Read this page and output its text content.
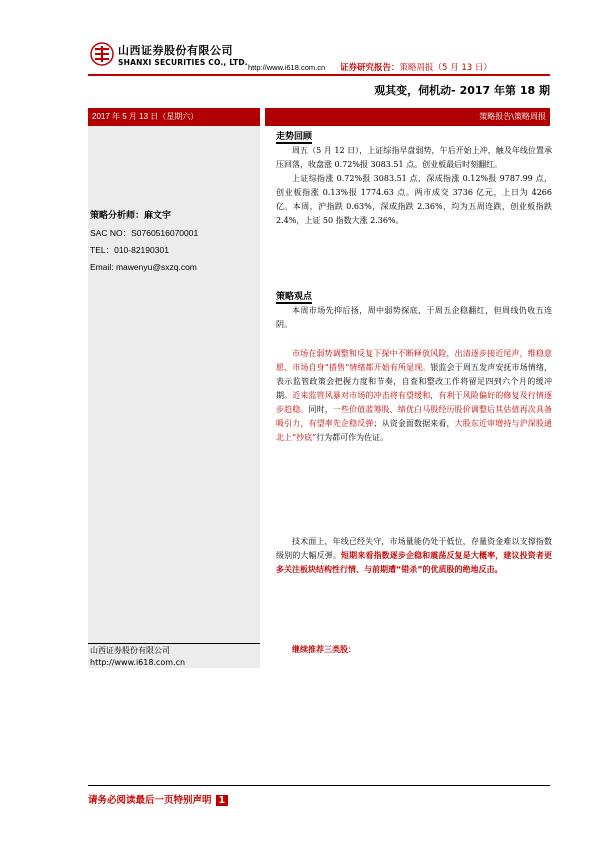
山西证券股份有限公司
SHANXI SECURITIES CO., LTD.
http://www.i618.com.cn 证券研究报告：策略周报（5 月 13 日）
观其变，伺机动- 2017 年第 18 期
2017 年 5 月 13 日（星期六）	策略报告\策略周报
策略分析师：麻文宇
SAC NO：S0760516070001
TEL：010-82190301
Email: mawenyu@sxzq.com
山西证券股份有限公司
http://www.i618.com.cn
走势回顾

周五（5 月 12 日），上证综指早盘弱势，午后开始上冲，触及年线位置承压回落，收盘涨 0.72%报 3083.51 点。创业板最后时刻翻红。

上证综指涨 0.72%报 3083.51 点，深成指涨 0.12%报 9787.99 点，创业板指涨 0.13%报 1774.63 点。两市成交 3736 亿元，上日为 4266 亿。本周，沪指跌 0.63%，深成指跌 2.36%，均为五周连跌，创业板指跌 2.4%，上证 50 指数大涨 2.36%。

策略观点

本周市场先抑后扬，周中弱势探底，于周五企稳翻红，但周线仍收五连阴。

市场在弱势调整和反复下探中不断释放风险，出清逐步接近尾声，维稳意愿、市场自身“措售”情绪都开始有所显现。银监会于周五发声安抚市场情绪，表示监管政策会把握力度和节奏，自查和整改工作将留足四到六个月的缓冲期。近来监管风暴对市场的冲击将有望缓和，有利于风险偏好的修复及行情逐步趋稳。同时，一些价值蓝筹股、绩优白马股经历股价调整后其估值再次具备吸引力，有望率先企稳反弹；从资金面数据来看，大股东近审增持与沪深股通北上“抄底”行为都可作为佐证。

技术面上，年线已经失守，市场量能仍处于低位，存量资金难以支撑指数级别的大幅反弹。短期来看指数逐步企稳和震荡反复是大概率，建议投资者更多关注板块结构性行情、与前期遭“错杀”的优质股的绝地反击。

继续推荐三类股：

请务必阅读最后一页特别声明 1
